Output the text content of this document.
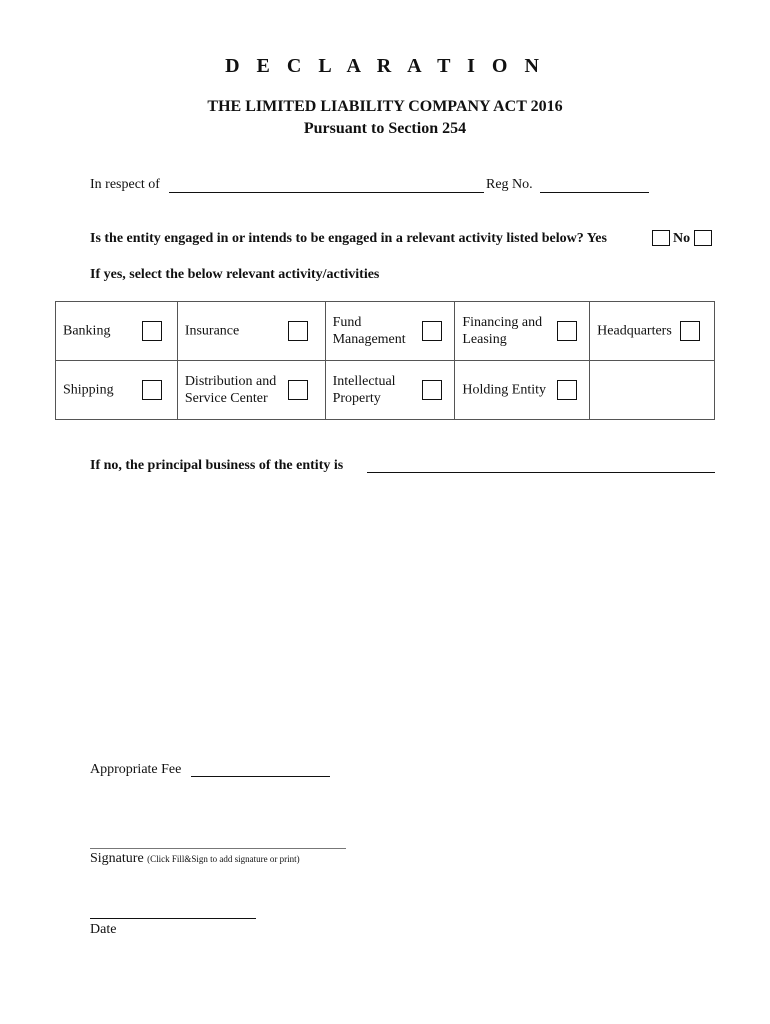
D E C L A R A T I O N
THE LIMITED LIABILITY COMPANY ACT 2016
Pursuant to Section 254
In respect of	Reg No.
Is the entity engaged in or intends to be engaged in a relevant activity listed below? Yes	No
If yes, select the below relevant activity/activities
Banking	Insurance	Fund Management	Financing and Leasing	Headquarters

Shipping	Distribution and Service Center	Intellectual Property	Holding Entity	

If no, the principal business of the entity is
Appropriate Fee
Signature (Click Fill&Sign to add signature or print)
Date
